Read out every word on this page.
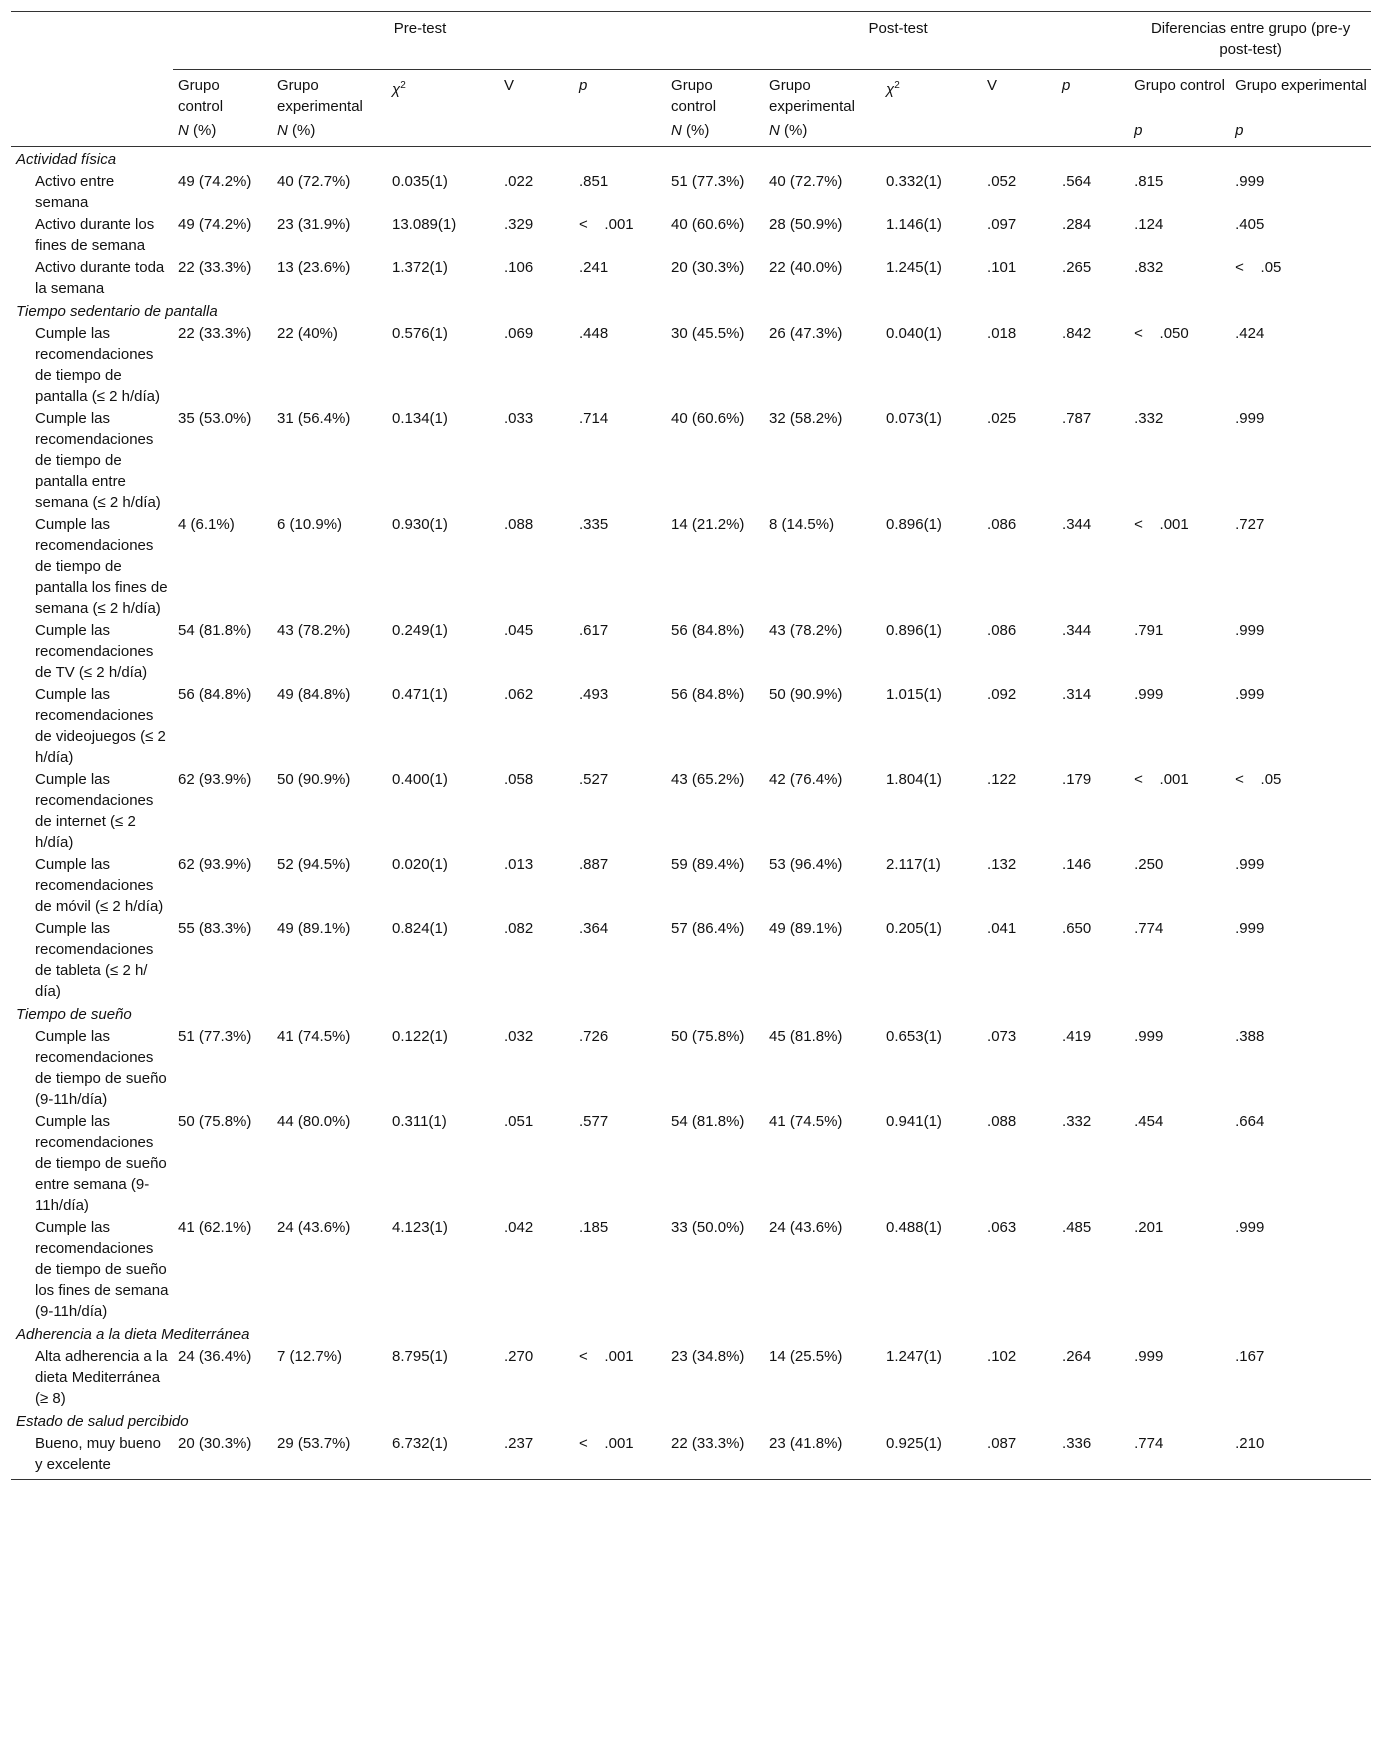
	Pre-test					Post-test					Diferencias entre grupo (pre-y post-test)	
	Grupo control	Grupo experimental	$\chi^2$	V	p	Grupo control	Grupo experimental	$\chi^2$	V	p	Grupo control	Grupo experimental
	N (%)	N (%)				N (%)	N (%)				p	p
Actividad física												
Activo entre semana	49 (74.2%)	40 (72.7%)	0.035(1)	.022	.851	51 (77.3%)	40 (72.7%)	0.332(1)	.052	.564	.815	.999
Activo durante los fines de semana	49 (74.2%)	23 (31.9%)	13.089(1)	.329	<    .001	40 (60.6%)	28 (50.9%)	1.146(1)	.097	.284	.124	.405
Activo durante toda la semana	22 (33.3%)	13 (23.6%)	1.372(1)	.106	.241	20 (30.3%)	22 (40.0%)	1.245(1)	.101	.265	.832	<    .05
Tiempo sedentario de pantalla												
Cumple las recomendaciones de tiempo de pantalla (≤ 2 h/día)	22 (33.3%)	22 (40%)	0.576(1)	.069	.448	30 (45.5%)	26 (47.3%)	0.040(1)	.018	.842	<    .050	.424
Cumple las recomendaciones de tiempo de pantalla entre semana (≤ 2 h/día)	35 (53.0%)	31 (56.4%)	0.134(1)	.033	.714	40 (60.6%)	32 (58.2%)	0.073(1)	.025	.787	.332	.999
Cumple las recomendaciones de tiempo de pantalla los fines de semana (≤ 2 h/día)	4 (6.1%)	6 (10.9%)	0.930(1)	.088	.335	14 (21.2%)	8 (14.5%)	0.896(1)	.086	.344	<    .001	.727
Cumple las recomendaciones de TV (≤ 2 h/día)	54 (81.8%)	43 (78.2%)	0.249(1)	.045	.617	56 (84.8%)	43 (78.2%)	0.896(1)	.086	.344	.791	.999
Cumple las recomendaciones de videojuegos (≤ 2 h/día)	56 (84.8%)	49 (84.8%)	0.471(1)	.062	.493	56 (84.8%)	50 (90.9%)	1.015(1)	.092	.314	.999	.999
Cumple las recomendaciones de internet (≤ 2 h/día)	62 (93.9%)	50 (90.9%)	0.400(1)	.058	.527	43 (65.2%)	42 (76.4%)	1.804(1)	.122	.179	<    .001	<    .05
Cumple las recomendaciones de móvil (≤ 2 h/día)	62 (93.9%)	52 (94.5%)	0.020(1)	.013	.887	59 (89.4%)	53 (96.4%)	2.117(1)	.132	.146	.250	.999
Cumple las recomendaciones de tableta (≤ 2 h/ día)	55 (83.3%)	49 (89.1%)	0.824(1)	.082	.364	57 (86.4%)	49 (89.1%)	0.205(1)	.041	.650	.774	.999
Tiempo de sueño												
Cumple las recomendaciones de tiempo de sueño (9-11h/día)	51 (77.3%)	41 (74.5%)	0.122(1)	.032	.726	50 (75.8%)	45 (81.8%)	0.653(1)	.073	.419	.999	.388
Cumple las recomendaciones de tiempo de sueño entre semana (9-11h/día)	50 (75.8%)	44 (80.0%)	0.311(1)	.051	.577	54 (81.8%)	41 (74.5%)	0.941(1)	.088	.332	.454	.664
Cumple las recomendaciones de tiempo de sueño los fines de semana (9-11h/día)	41 (62.1%)	24 (43.6%)	4.123(1)	.042	.185	33 (50.0%)	24 (43.6%)	0.488(1)	.063	.485	.201	.999
Adherencia a la dieta Mediterránea												
Alta adherencia a la dieta Mediterránea (≥ 8)	24 (36.4%)	7 (12.7%)	8.795(1)	.270	<    .001	23 (34.8%)	14 (25.5%)	1.247(1)	.102	.264	.999	.167
Estado de salud percibido												
Bueno, muy bueno y excelente	20 (30.3%)	29 (53.7%)	6.732(1)	.237	<    .001	22 (33.3%)	23 (41.8%)	0.925(1)	.087	.336	.774	.210
